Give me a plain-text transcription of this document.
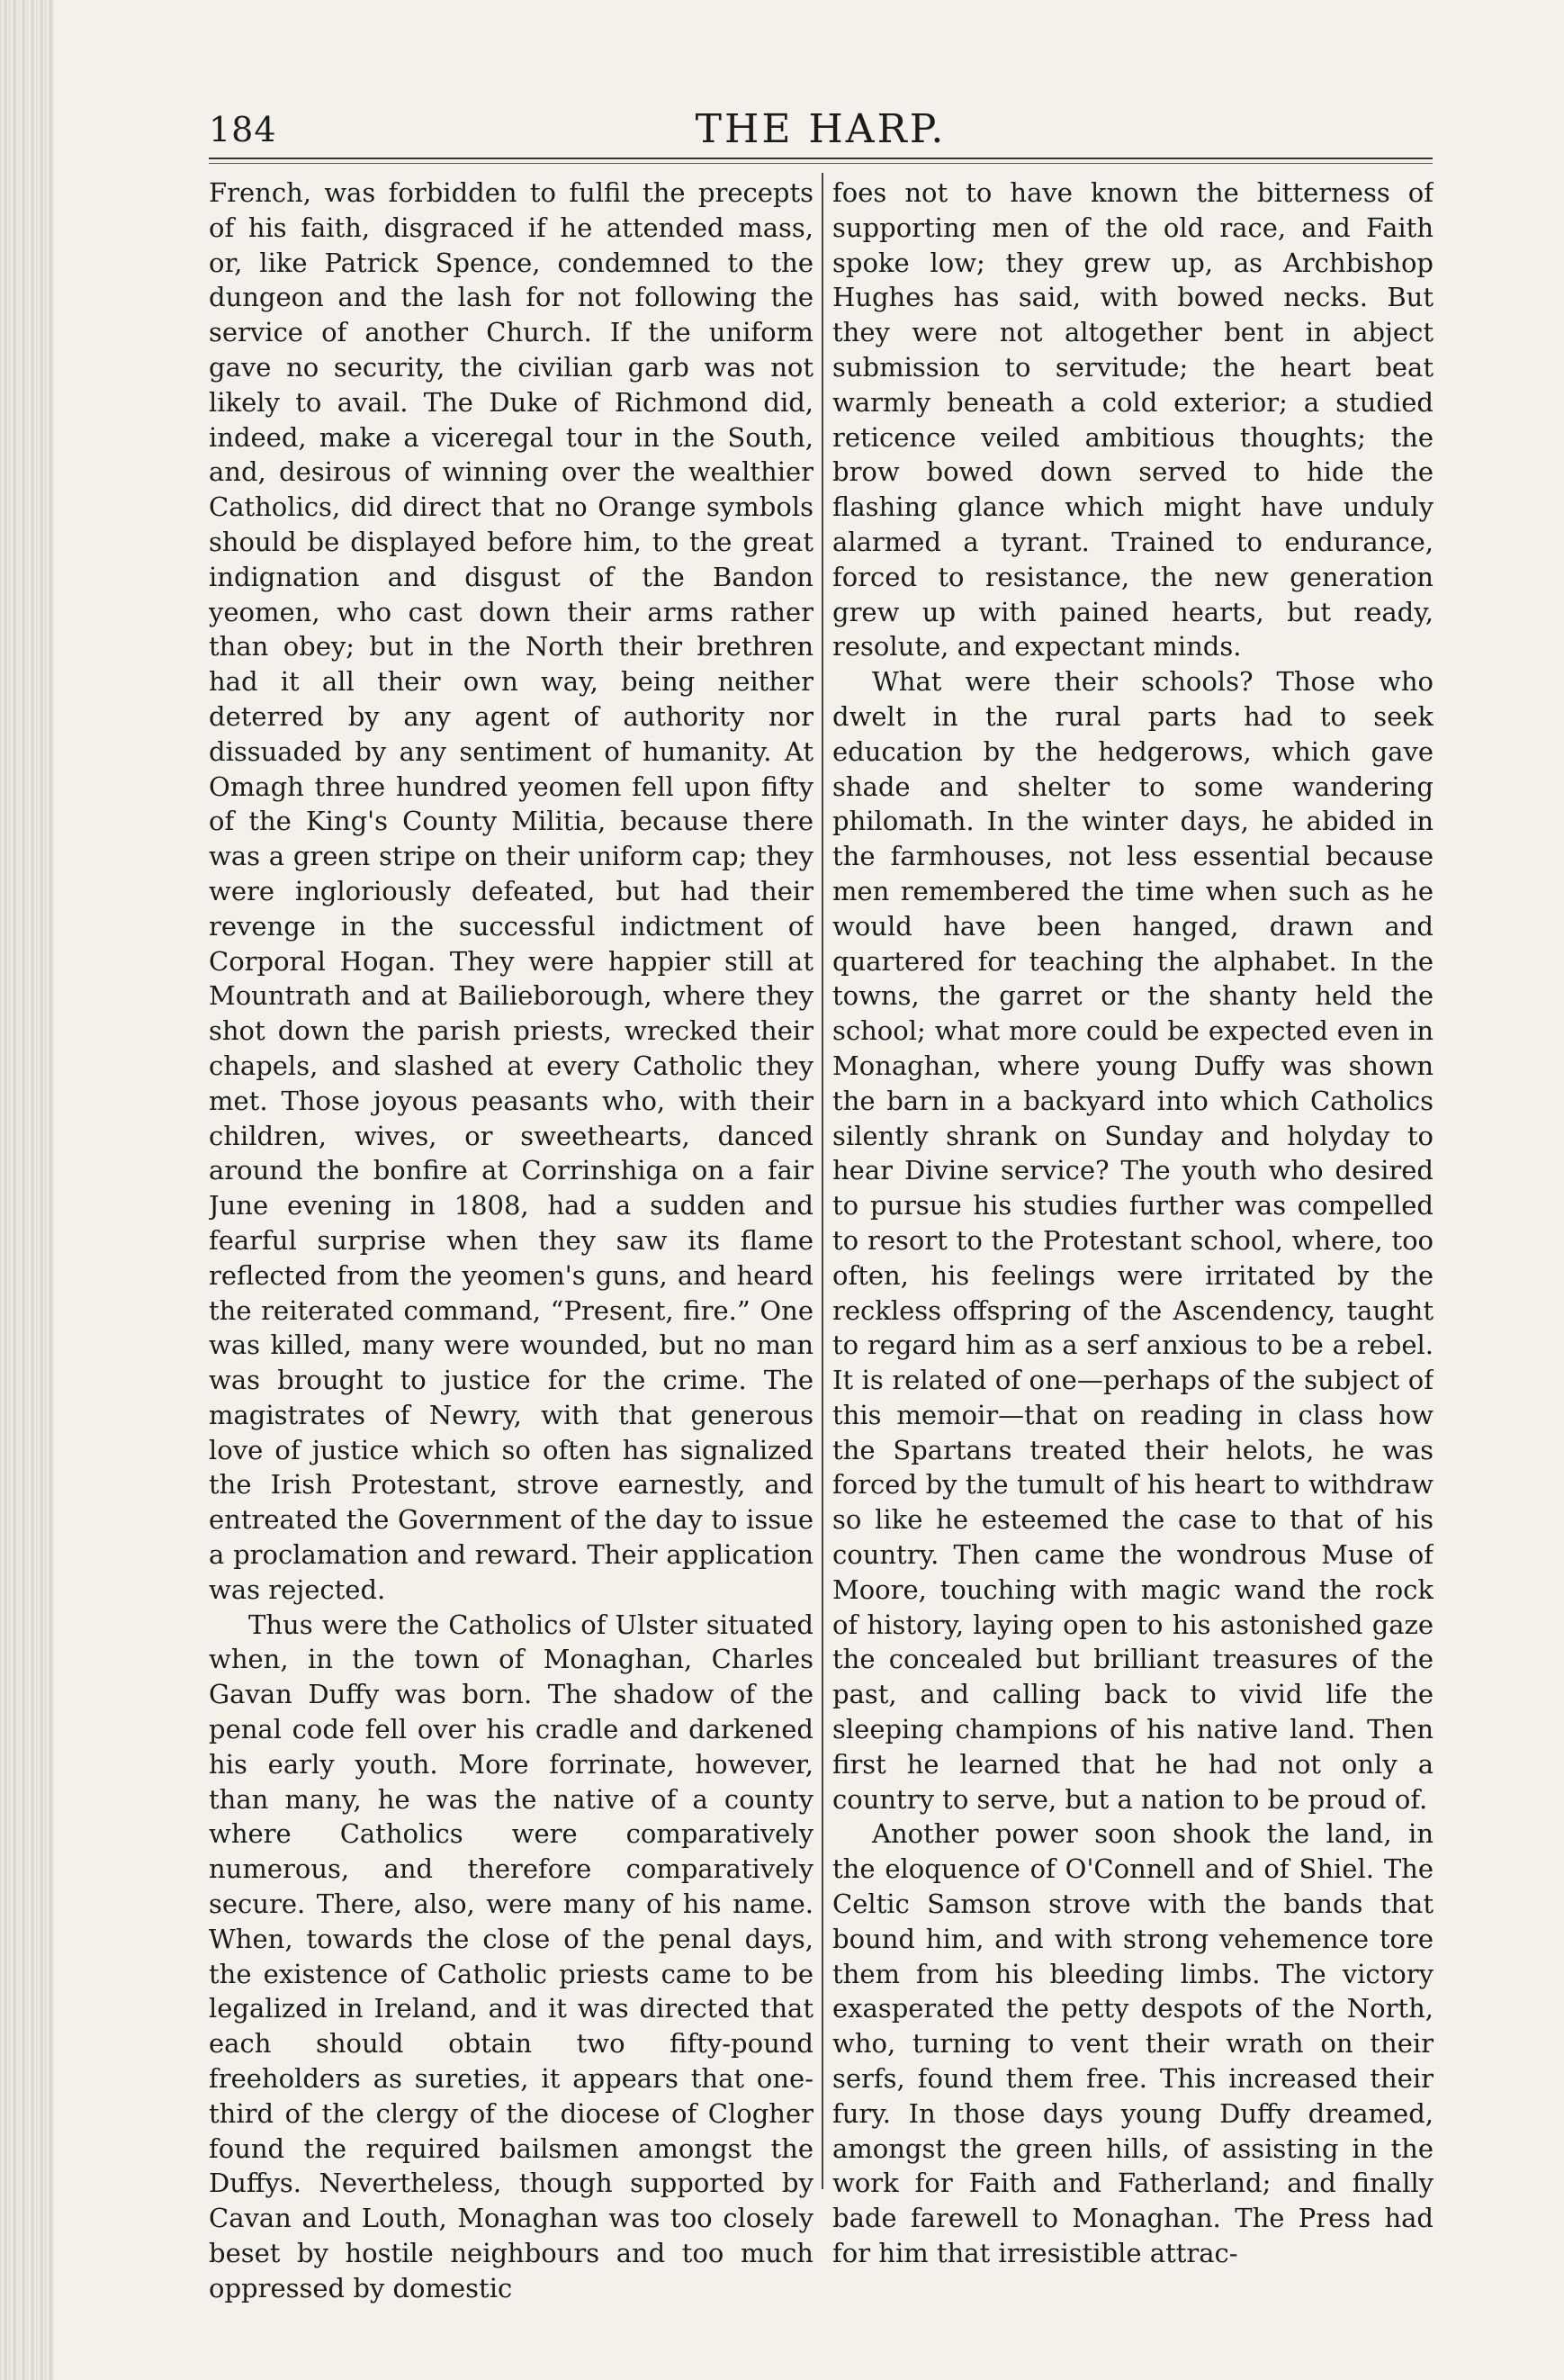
184	THE HARP.

French, was forbidden to fulfil the precepts of his faith, disgraced if he attended mass, or, like Patrick Spence, condemned to the dungeon and the lash for not following the service of another Church. If the uniform gave no security, the civilian garb was not likely to avail. The Duke of Richmond did, indeed, make a viceregal tour in the South, and, desirous of winning over the wealthier Catholics, did direct that no Orange symbols should be displayed before him, to the great indignation and disgust of the Bandon yeomen, who cast down their arms rather than obey; but in the North their brethren had it all their own way, being neither deterred by any agent of authority nor dissuaded by any sentiment of humanity. At Omagh three hundred yeomen fell upon fifty of the King's County Militia, because there was a green stripe on their uniform cap; they were ingloriously defeated, but had their revenge in the successful indictment of Corporal Hogan. They were happier still at Mountrath and at Bailieborough, where they shot down the parish priests, wrecked their chapels, and slashed at every Catholic they met. Those joyous peasants who, with their children, wives, or sweethearts, danced around the bonfire at Corrinshiga on a fair June evening in 1808, had a sudden and fearful surprise when they saw its flame reflected from the yeomen's guns, and heard the reiterated command, “Present, fire.” One was killed, many were wounded, but no man was brought to justice for the crime. The magistrates of Newry, with that generous love of justice which so often has signalized the Irish Protestant, strove earnestly, and entreated the Government of the day to issue a proclamation and reward. Their application was rejected.

Thus were the Catholics of Ulster situated when, in the town of Monaghan, Charles Gavan Duffy was born. The shadow of the penal code fell over his cradle and darkened his early youth. More forrinate, however, than many, he was the native of a county where Catholics were comparatively numerous, and therefore comparatively secure. There, also, were many of his name. When, towards the close of the penal days, the existence of Catholic priests came to be legalized in Ireland, and it was directed that each should obtain two fifty-pound freeholders as sureties, it appears that one-third of the clergy of the diocese of Clogher found the required bailsmen amongst the Duffys. Nevertheless, though supported by Cavan and Louth, Monaghan was too closely beset by hostile neighbours and too much oppressed by domestic

foes not to have known the bitterness of supporting men of the old race, and Faith spoke low; they grew up, as Archbishop Hughes has said, with bowed necks. But they were not altogether bent in abject submission to servitude; the heart beat warmly beneath a cold exterior; a studied reticence veiled ambitious thoughts; the brow bowed down served to hide the flashing glance which might have unduly alarmed a tyrant. Trained to endurance, forced to resistance, the new generation grew up with pained hearts, but ready, resolute, and expectant minds.

What were their schools? Those who dwelt in the rural parts had to seek education by the hedgerows, which gave shade and shelter to some wandering philomath. In the winter days, he abided in the farmhouses, not less essential because men remembered the time when such as he would have been hanged, drawn and quartered for teaching the alphabet. In the towns, the garret or the shanty held the school; what more could be expected even in Monaghan, where young Duffy was shown the barn in a backyard into which Catholics silently shrank on Sunday and holyday to hear Divine service? The youth who desired to pursue his studies further was compelled to resort to the Protestant school, where, too often, his feelings were irritated by the reckless offspring of the Ascendency, taught to regard him as a serf anxious to be a rebel. It is related of one—perhaps of the subject of this memoir—that on reading in class how the Spartans treated their helots, he was forced by the tumult of his heart to withdraw so like he esteemed the case to that of his country. Then came the wondrous Muse of Moore, touching with magic wand the rock of history, laying open to his astonished gaze the concealed but brilliant treasures of the past, and calling back to vivid life the sleeping champions of his native land. Then first he learned that he had not only a country to serve, but a nation to be proud of.

Another power soon shook the land, in the eloquence of O'Connell and of Shiel. The Celtic Samson strove with the bands that bound him, and with strong vehemence tore them from his bleeding limbs. The victory exasperated the petty despots of the North, who, turning to vent their wrath on their serfs, found them free. This increased their fury. In those days young Duffy dreamed, amongst the green hills, of assisting in the work for Faith and Fatherland; and finally bade farewell to Monaghan. The Press had for him that irresistible attrac-
